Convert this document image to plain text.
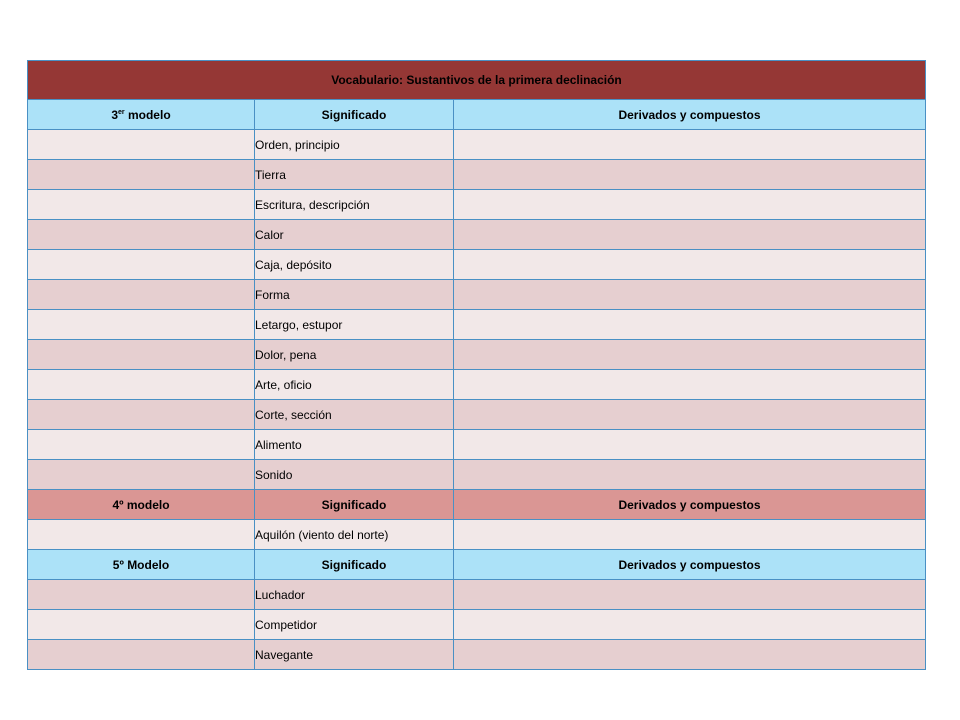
Vocabulario: Sustantivos de la primera declinación		
3er modelo	Significado	Derivados y compuestos
	Orden, principio	
	Tierra	
	Escritura, descripción	
	Calor	
	Caja, depósito	
	Forma	
	Letargo, estupor	
	Dolor, pena	
	Arte, oficio	
	Corte, sección	
	Alimento	
	Sonido	
4º modelo	Significado	Derivados y compuestos
	Aquilón (viento del norte)	
5º Modelo	Significado	Derivados y compuestos
	Luchador	
	Competidor	
	Navegante	
